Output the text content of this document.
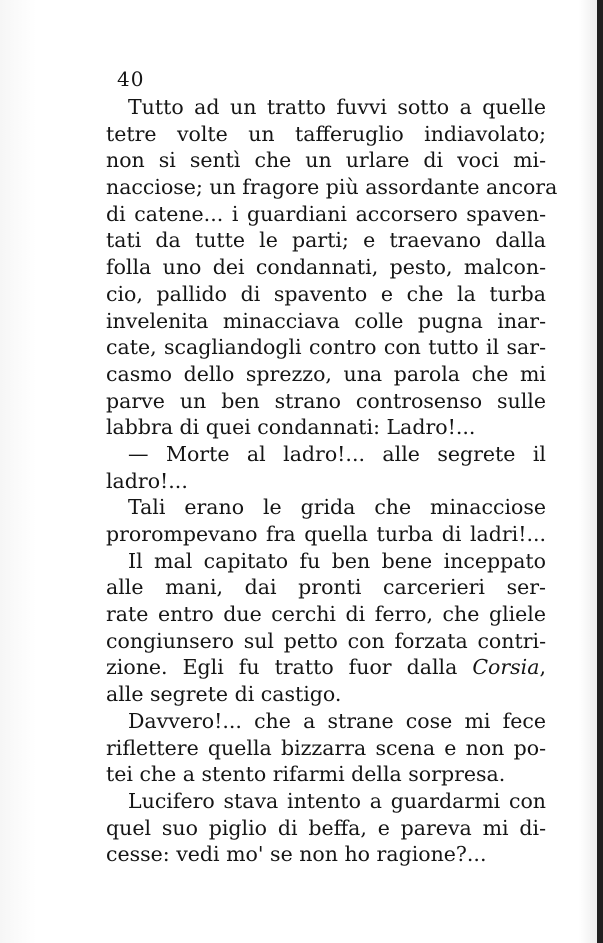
40
Tutto ad un tratto fuvvi sotto a quelle
tetre volte un tafferuglio indiavolato;
non si sentì che un urlare di voci mi-
nacciose; un fragore più assordante ancora
di catene... i guardiani accorsero spaven-
tati da tutte le parti; e traevano dalla
folla uno dei condannati, pesto, malcon-
cio, pallido di spavento e che la turba
invelenita minacciava colle pugna inar-
cate, scagliandogli contro con tutto il sar-
casmo dello sprezzo, una parola che mi
parve un ben strano controsenso sulle
labbra di quei condannati: Ladro!...
— Morte al ladro!... alle segrete il
ladro!...
Tali erano le grida che minacciose
prorompevano fra quella turba di ladri!...
Il mal capitato fu ben bene inceppato
alle mani, dai pronti carcerieri ser-
rate entro due cerchi di ferro, che gliele
congiunsero sul petto con forzata contri-
zione. Egli fu tratto fuor dalla Corsia,
alle segrete di castigo.
Davvero!... che a strane cose mi fece
riflettere quella bizzarra scena e non po-
tei che a stento rifarmi della sorpresa.
Lucifero stava intento a guardarmi con
quel suo piglio di beffa, e pareva mi di-
cesse: vedi mo' se non ho ragione?...
